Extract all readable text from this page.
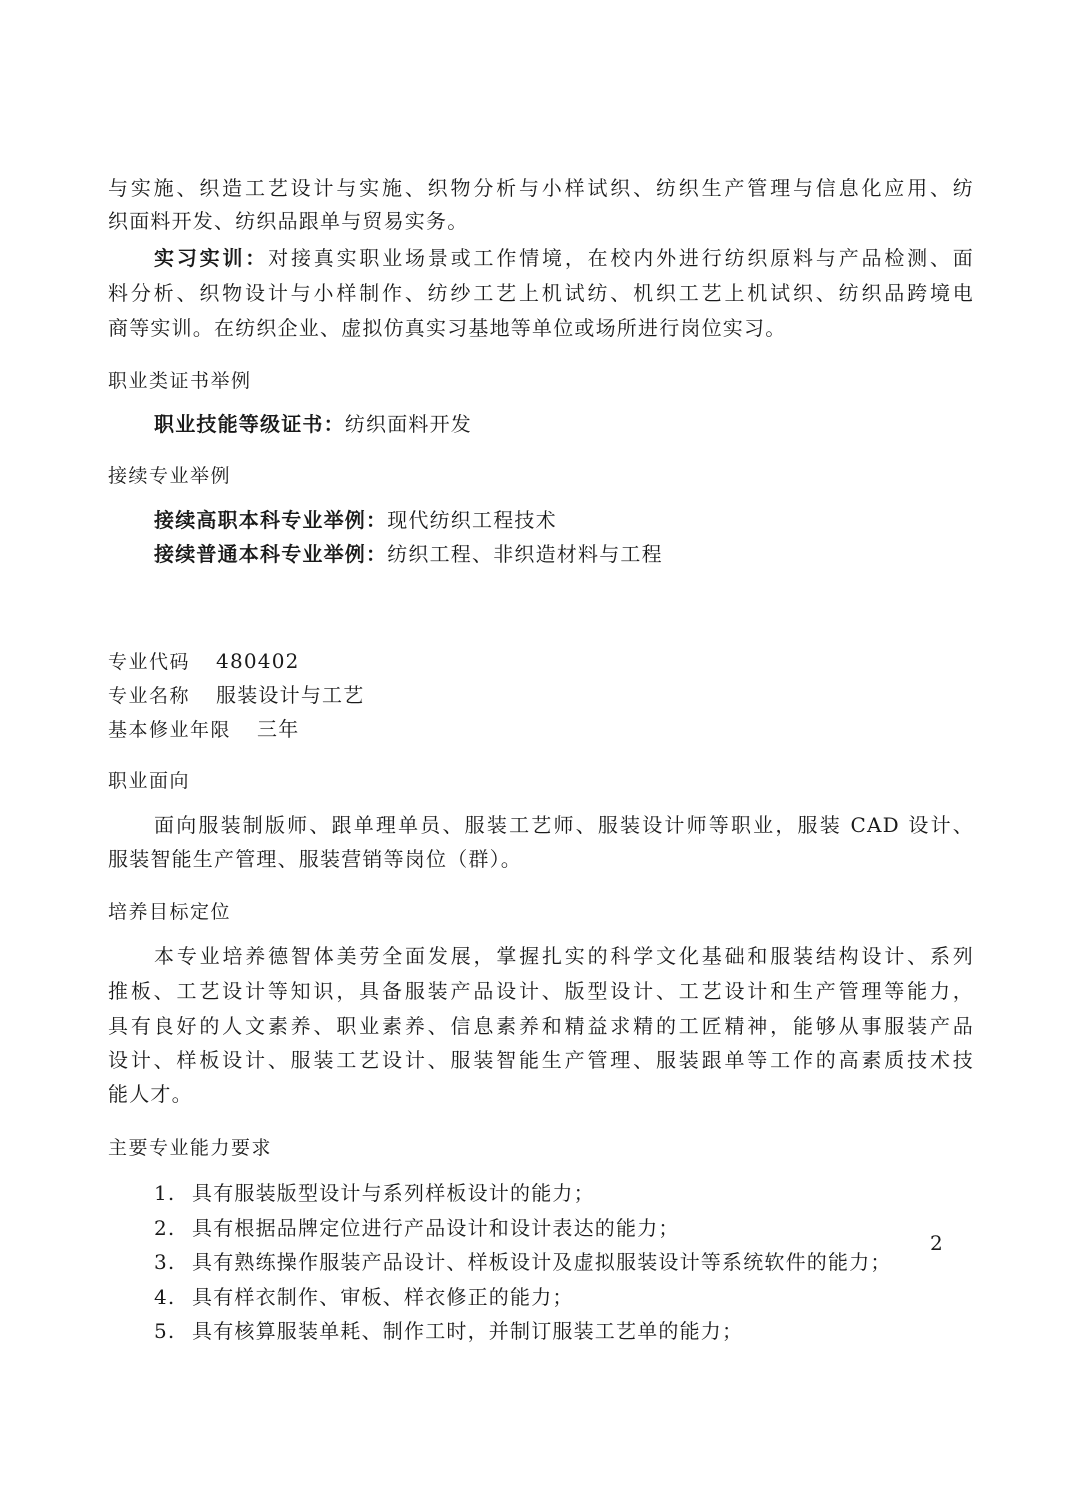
与实施、织造工艺设计与实施、织物分析与小样试织、纺织生产管理与信息化应用、纺
织面料开发、纺织品跟单与贸易实务。
实习实训：对接真实职业场景或工作情境，在校内外进行纺织原料与产品检测、面
料分析、织物设计与小样制作、纺纱工艺上机试纺、机织工艺上机试织、纺织品跨境电
商等实训。在纺织企业、虚拟仿真实习基地等单位或场所进行岗位实习。
职业类证书举例
职业技能等级证书：纺织面料开发
接续专业举例
接续高职本科专业举例：现代纺织工程技术
接续普通本科专业举例：纺织工程、非织造材料与工程
专业代码 480402
专业名称 服装设计与工艺
基本修业年限 三年
职业面向
面向服装制版师、跟单理单员、服装工艺师、服装设计师等职业，服装 CAD 设计、
服装智能生产管理、服装营销等岗位（群）。
培养目标定位
本专业培养德智体美劳全面发展，掌握扎实的科学文化基础和服装结构设计、系列
推板、工艺设计等知识，具备服装产品设计、版型设计、工艺设计和生产管理等能力，
具有良好的人文素养、职业素养、信息素养和精益求精的工匠精神，能够从事服装产品
设计、样板设计、服装工艺设计、服装智能生产管理、服装跟单等工作的高素质技术技
能人才。
主要专业能力要求
1. 具有服装版型设计与系列样板设计的能力；
2. 具有根据品牌定位进行产品设计和设计表达的能力；
3. 具有熟练操作服装产品设计、样板设计及虚拟服装设计等系统软件的能力；
4. 具有样衣制作、审板、样衣修正的能力；
5. 具有核算服装单耗、制作工时，并制订服装工艺单的能力；
2
